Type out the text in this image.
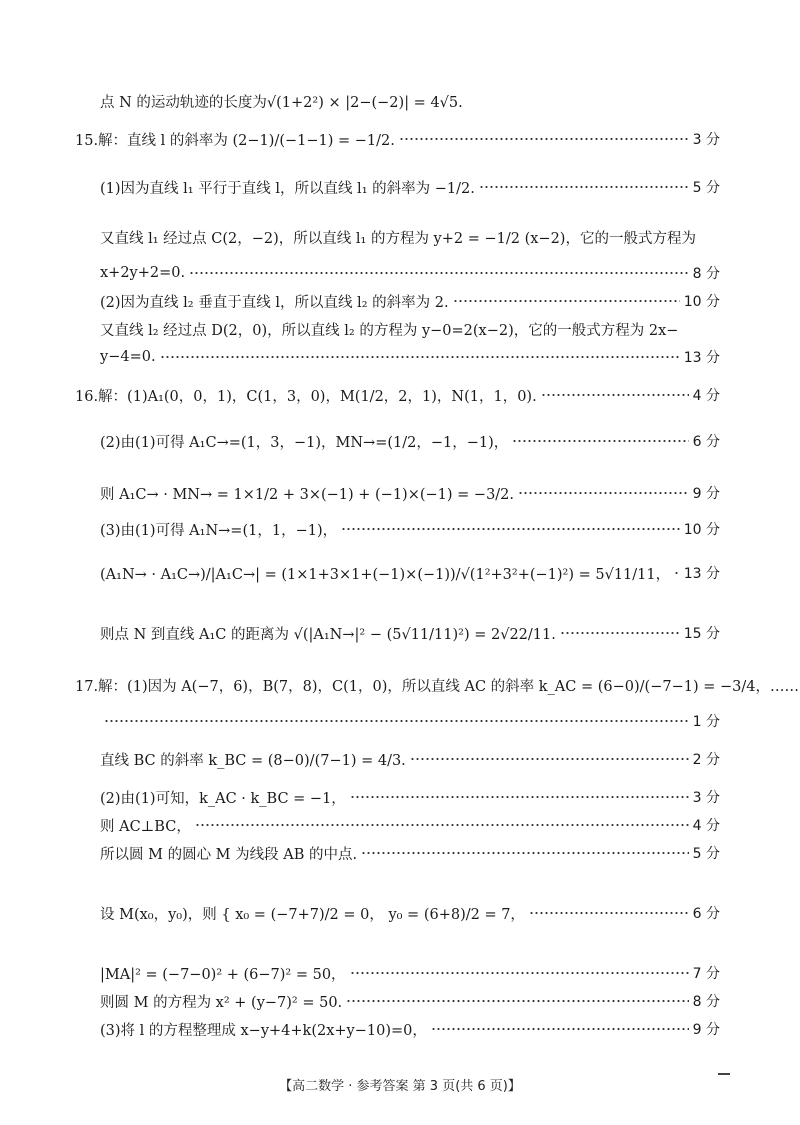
点 N 的运动轨迹的长度为√(1+2²) × |2−(−2)| = 4√5.
15.解：直线 l 的斜率为 (2−1)/(−1−1) = −1/2.	3 分
(1)因为直线 l₁ 平行于直线 l，所以直线 l₁ 的斜率为 −1/2.	5 分
又直线 l₁ 经过点 C(2，−2)，所以直线 l₁ 的方程为 y+2 = −1/2 (x−2)，它的一般式方程为
x+2y+2=0.	8 分
(2)因为直线 l₂ 垂直于直线 l，所以直线 l₂ 的斜率为 2.	10 分
又直线 l₂ 经过点 D(2，0)，所以直线 l₂ 的方程为 y−0=2(x−2)，它的一般式方程为 2x−
y−4=0.	13 分
16.解：(1)A₁(0，0，1)，C(1，3，0)，M(1/2，2，1)，N(1，1，0).	4 分
(2)由(1)可得 A₁C→=(1，3，−1)，MN→=(1/2，−1，−1)，	6 分
则 A₁C→ · MN→ = 1×1/2 + 3×(−1) + (−1)×(−1) = −3/2.	9 分
(3)由(1)可得 A₁N→=(1，1，−1)，	10 分
(A₁N→ · A₁C→)/|A₁C→| = (1×1+3×1+(−1)×(−1))/√(1²+3²+(−1)²) = 5√11/11， 13 分
则点 N 到直线 A₁C 的距离为 √(|A₁N→|² − (5√11/11)²) = 2√22/11.	15 分
17.解：(1)因为 A(−7，6)，B(7，8)，C(1，0)，所以直线 AC 的斜率 k_AC = (6−0)/(−7−1) = −3/4，……
1 分
直线 BC 的斜率 k_BC = (8−0)/(7−1) = 4/3.	2 分
(2)由(1)可知，k_AC · k_BC = −1，	3 分
则 AC⊥BC，	4 分
所以圆 M 的圆心 M 为线段 AB 的中点.	5 分
设 M(x₀，y₀)，则 { x₀ = (−7+7)/2 = 0， y₀ = (6+8)/2 = 7，	6 分
|MA|² = (−7−0)² + (6−7)² = 50，	7 分
则圆 M 的方程为 x² + (y−7)² = 50.	8 分
(3)将 l 的方程整理成 x−y+4+k(2x+y−10)=0，	9 分
【高二数学 · 参考答案 第 3 页(共 6 页)】
